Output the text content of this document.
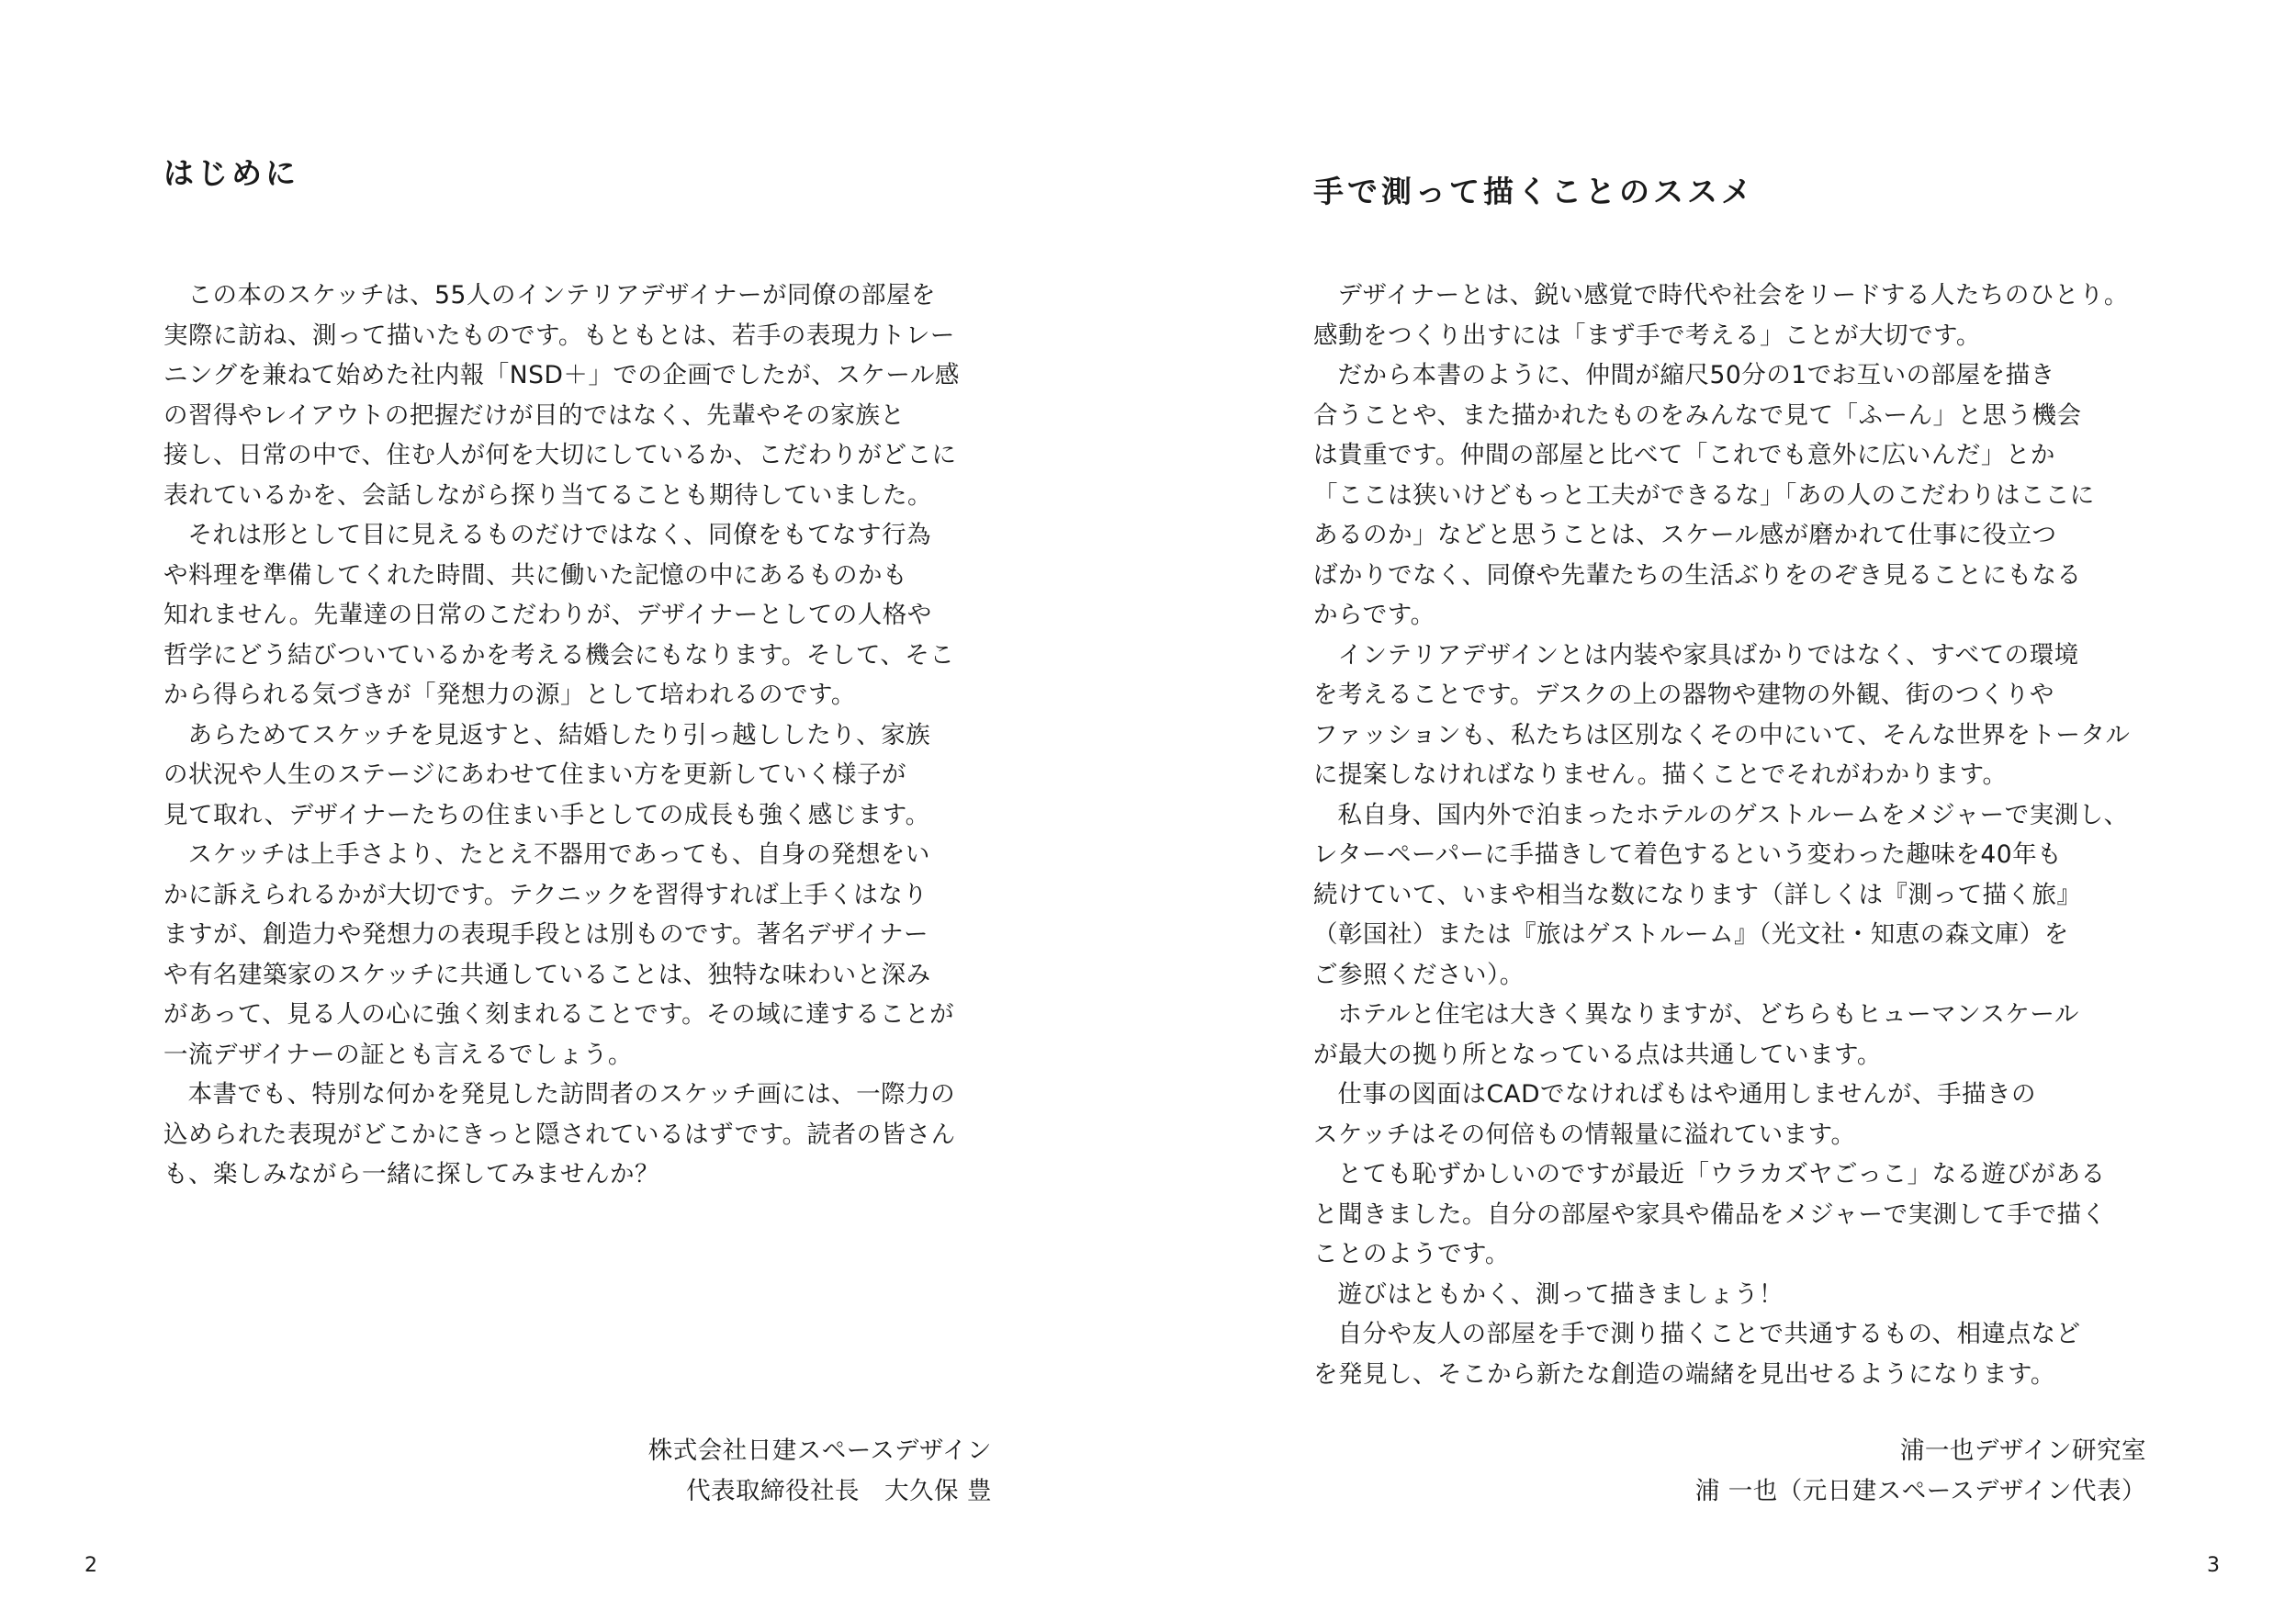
はじめに

この本のスケッチは、55人のインテリアデザイナーが同僚の部屋を
実際に訪ね、測って描いたものです。もともとは、若手の表現力トレー
ニングを兼ねて始めた社内報「NSD＋」での企画でしたが、スケール感
の習得やレイアウトの把握だけが目的ではなく、先輩やその家族と
接し、日常の中で、住む人が何を大切にしているか、こだわりがどこに
表れているかを、会話しながら探り当てることも期待していました。

それは形として目に見えるものだけではなく、同僚をもてなす行為
や料理を準備してくれた時間、共に働いた記憶の中にあるものかも
知れません。先輩達の日常のこだわりが、デザイナーとしての人格や
哲学にどう結びついているかを考える機会にもなります。そして、そこ
から得られる気づきが「発想力の源」として培われるのです。

あらためてスケッチを見返すと、結婚したり引っ越ししたり、家族
の状況や人生のステージにあわせて住まい方を更新していく様子が
見て取れ、デザイナーたちの住まい手としての成長も強く感じます。

スケッチは上手さより、たとえ不器用であっても、自身の発想をい
かに訴えられるかが大切です。テクニックを習得すれば上手くはなり
ますが、創造力や発想力の表現手段とは別ものです。著名デザイナー
や有名建築家のスケッチに共通していることは、独特な味わいと深み
があって、見る人の心に強く刻まれることです。その域に達することが
一流デザイナーの証とも言えるでしょう。

本書でも、特別な何かを発見した訪問者のスケッチ画には、一際力の
込められた表現がどこかにきっと隠されているはずです。読者の皆さん
も、楽しみながら一緒に探してみませんか？

株式会社日建スペースデザイン
代表取締役社長　大久保 豊
2
手で測って描くことのススメ

デザイナーとは、鋭い感覚で時代や社会をリードする人たちのひとり。
感動をつくり出すには「まず手で考える」ことが大切です。

だから本書のように、仲間が縮尺50分の1でお互いの部屋を描き
合うことや、また描かれたものをみんなで見て「ふーん」と思う機会
は貴重です。仲間の部屋と比べて「これでも意外に広いんだ」とか
「ここは狭いけどもっと工夫ができるな」「あの人のこだわりはここに
あるのか」などと思うことは、スケール感が磨かれて仕事に役立つ
ばかりでなく、同僚や先輩たちの生活ぶりをのぞき見ることにもなる
からです。

インテリアデザインとは内装や家具ばかりではなく、すべての環境
を考えることです。デスクの上の器物や建物の外観、街のつくりや
ファッションも、私たちは区別なくその中にいて、そんな世界をトータル
に提案しなければなりません。描くことでそれがわかります。

私自身、国内外で泊まったホテルのゲストルームをメジャーで実測し、
レターペーパーに手描きして着色するという変わった趣味を40年も
続けていて、いまや相当な数になります（詳しくは『測って描く旅』
（彰国社）または『旅はゲストルーム』（光文社・知恵の森文庫）を
ご参照ください）。

ホテルと住宅は大きく異なりますが、どちらもヒューマンスケール
が最大の拠り所となっている点は共通しています。

仕事の図面はCADでなければもはや通用しませんが、手描きの
スケッチはその何倍もの情報量に溢れています。

とても恥ずかしいのですが最近「ウラカズヤごっこ」なる遊びがある
と聞きました。自分の部屋や家具や備品をメジャーで実測して手で描く
ことのようです。

遊びはともかく、測って描きましょう！

自分や友人の部屋を手で測り描くことで共通するもの、相違点など
を発見し、そこから新たな創造の端緒を見出せるようになります。

浦一也デザイン研究室
浦 一也（元日建スペースデザイン代表）
3
